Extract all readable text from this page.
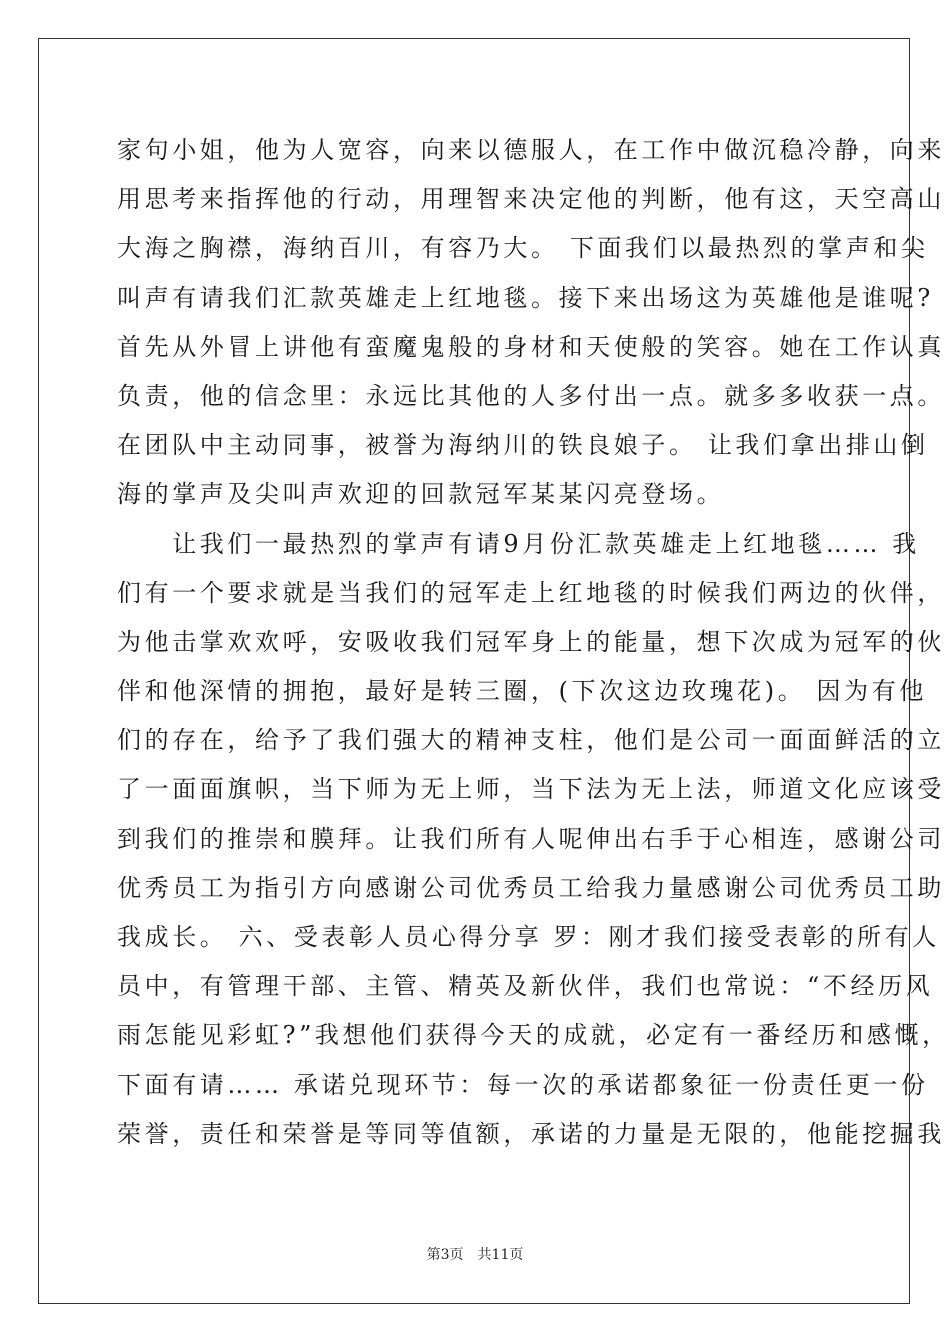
家句小姐，他为人宽容，向来以德服人，在工作中做沉稳冷静，向来
用思考来指挥他的行动，用理智来决定他的判断，他有这，天空高山
大海之胸襟，海纳百川，有容乃大。 下面我们以最热烈的掌声和尖
叫声有请我们汇款英雄走上红地毯。接下来出场这为英雄他是谁呢?
首先从外冒上讲他有蛮魔鬼般的身材和天使般的笑容。她在工作认真
负责，他的信念里：永远比其他的人多付出一点。就多多收获一点。
在团队中主动同事，被誉为海纳川的铁良娘子。 让我们拿出排山倒
海的掌声及尖叫声欢迎的回款冠军某某闪亮登场。
　　让我们一最热烈的掌声有请9月份汇款英雄走上红地毯…… 我
们有一个要求就是当我们的冠军走上红地毯的时候我们两边的伙伴，
为他击掌欢欢呼，安吸收我们冠军身上的能量，想下次成为冠军的伙
伴和他深情的拥抱，最好是转三圈，(下次这边玫瑰花)。 因为有他
们的存在，给予了我们强大的精神支柱，他们是公司一面面鲜活的立
了一面面旗帜，当下师为无上师，当下法为无上法，师道文化应该受
到我们的推崇和膜拜。让我们所有人呢伸出右手于心相连，感谢公司
优秀员工为指引方向感谢公司优秀员工给我力量感谢公司优秀员工助
我成长。 六、受表彰人员心得分享 罗：刚才我们接受表彰的所有人
员中，有管理干部、主管、精英及新伙伴，我们也常说：“不经历风
雨怎能见彩虹?”我想他们获得今天的成就，必定有一番经历和感慨，
下面有请…… 承诺兑现环节：每一次的承诺都象征一份责任更一份
荣誉，责任和荣誉是等同等值额，承诺的力量是无限的，他能挖掘我
第3页　共11页
